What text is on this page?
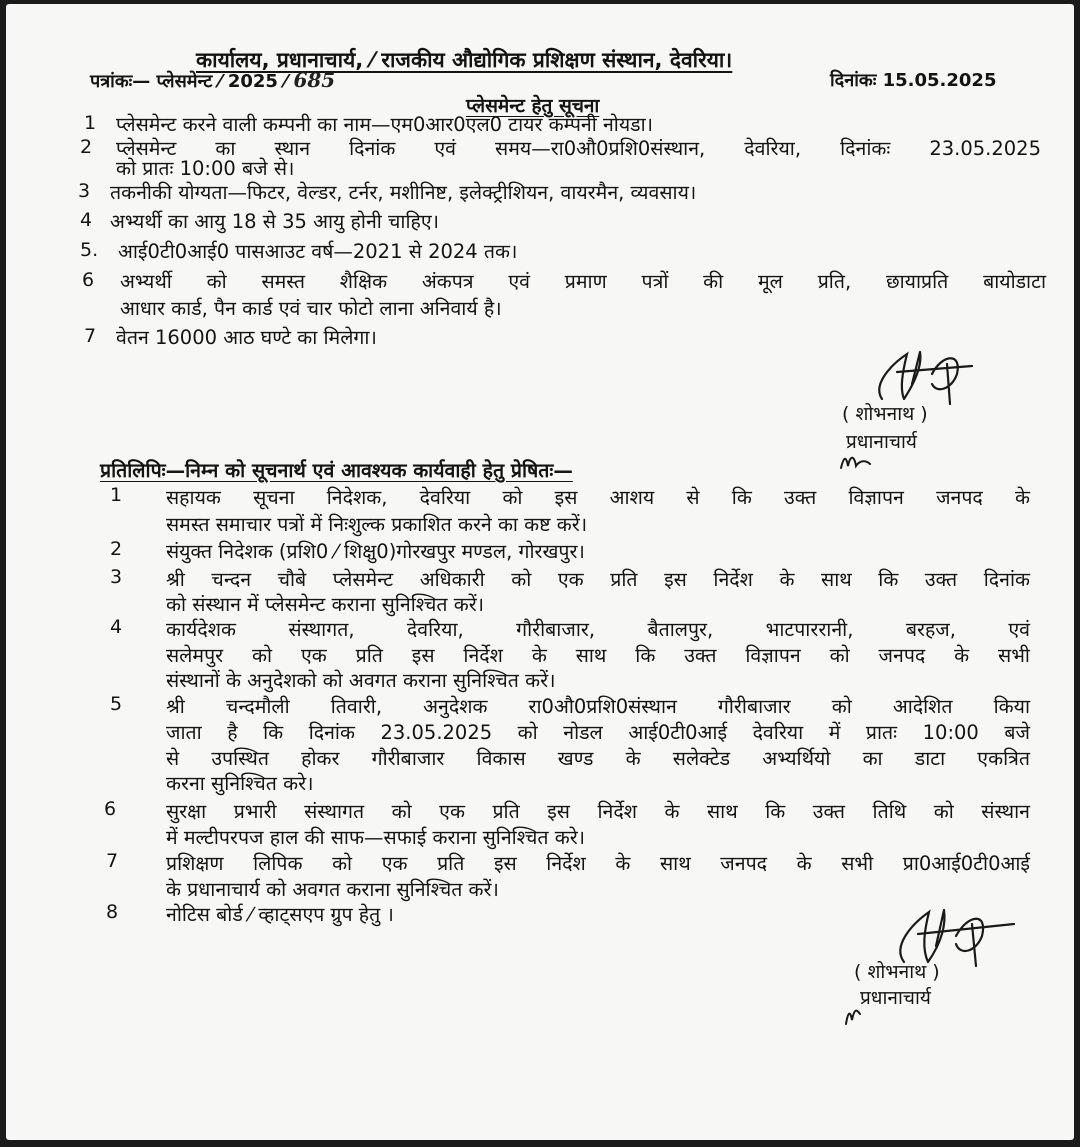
कार्यालय, प्रधानाचार्य, ⁄ राजकीय औद्योगिक प्रशिक्षण संस्थान, देवरिया।
पत्रांकः— प्लेसमेन्ट ⁄ 2025 ⁄ 685	दिनांकः 15.05.2025
प्लेसमेन्ट हेतु सूचना
1 प्लेसमेन्ट करने वाली कम्पनी का नाम—एम0आर0एल0 टायर कम्पनी नोयडा।
2 प्लेसमेन्ट का स्थान दिनांक एवं समय—रा0औ0प्रशि0संस्थान, देवरिया, दिनांकः 23.05.2025
को प्रातः 10:00 बजे से।
3 तकनीकी योग्यता—फिटर, वेल्डर, टर्नर, मशीनिष्ट, इलेक्ट्रीशियन, वायरमैन, व्यवसाय।
4 अभ्यर्थी का आयु 18 से 35 आयु होनी चाहिए।
5. आई0टी0आई0 पासआउट वर्ष—2021 से 2024 तक।
6 अभ्यर्थी को समस्त शैक्षिक अंकपत्र एवं प्रमाण पत्रों की मूल प्रति, छायाप्रति बायोडाटा
आधार कार्ड, पैन कार्ड एवं चार फोटो लाना अनिवार्य है।
7 वेतन 16000 आठ घण्टे का मिलेगा।
( शोभनाथ )
प्रधानाचार्य
प्रतिलिपिः—निम्न को सूचनार्थ एवं आवश्यक कार्यवाही हेतु प्रेषितः—
1 सहायक सूचना निदेशक, देवरिया को इस आशय से कि उक्त विज्ञापन जनपद के
समस्त समाचार पत्रों में निःशुल्क प्रकाशित करने का कष्ट करें।
2 संयुक्त निदेशक (प्रशि0 ⁄ शिक्षु0)गोरखपुर मण्डल, गोरखपुर।
3 श्री चन्दन चौबे प्लेसमेन्ट अधिकारी को एक प्रति इस निर्देश के साथ कि उक्त दिनांक
को संस्थान में प्लेसमेन्ट कराना सुनिश्चित करें।
4 कार्यदेशक संस्थागत, देवरिया, गौरीबाजार, बैतालपुर, भाटपाररानी, बरहज, एवं
सलेमपुर को एक प्रति इस निर्देश के साथ कि उक्त विज्ञापन को जनपद के सभी
संस्थानों के अनुदेशको को अवगत कराना सुनिश्चित करें।
5 श्री चन्दमौली तिवारी, अनुदेशक रा0औ0प्रशि0संस्थान गौरीबाजार को आदेशित किया
जाता है कि दिनांक 23.05.2025 को नोडल आई0टी0आई देवरिया में प्रातः 10:00 बजे
से उपस्थित होकर गौरीबाजार विकास खण्ड के सलेक्टेड अभ्यर्थियो का डाटा एकत्रित
करना सुनिश्चित करे।
6	सुरक्षा प्रभारी संस्थागत को एक प्रति इस निर्देश के साथ कि उक्त तिथि को संस्थान
में मल्टीपरपज हाल की साफ—सफाई कराना सुनिश्चित करे।
7 प्रशिक्षण लिपिक को एक प्रति इस निर्देश के साथ जनपद के सभी प्रा0आई0टी0आई
के प्रधानाचार्य को अवगत कराना सुनिश्चित करें।
8 नोटिस बोर्ड ⁄ व्हाट्सएप ग्रुप हेतु ।
( शोभनाथ )
प्रधानाचार्य
